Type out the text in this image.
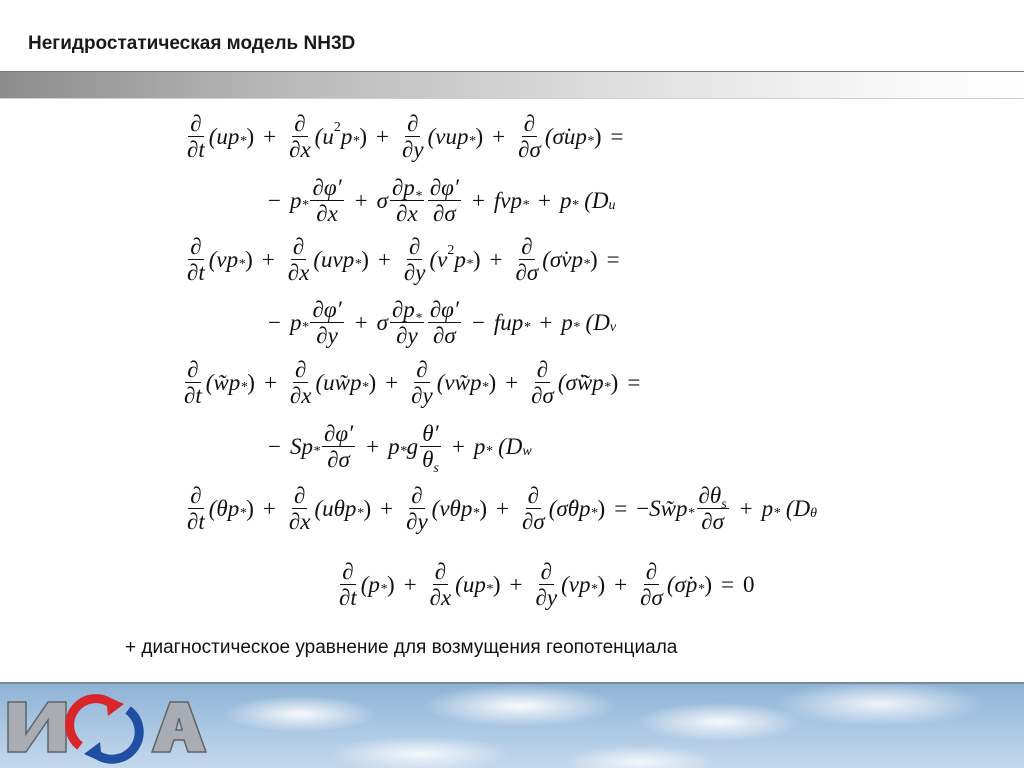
Негидростатическая модель NH3D
$\frac{\partial}{\partial t} (up$ * ) + $\frac{\partial}{\partial x} (u$ 2 p * ) + $\frac{\partial}{\partial y} (vup$ * ) + $\frac{\partial}{\partial\sigma}$ (σ̇up * ) =
− $p * \frac{\partial\varphi'}{\partial x} + \sigma \frac{\partial p_*}{\partial x} \frac{\partial\varphi'}{\partial\sigma}$ + fvp * + p *
(D u
$\frac{\partial}{\partial t} (vp$ * ) + $\frac{\partial}{\partial x} (uvp$ * ) + $\frac{\partial}{\partial y} (v$ 2 p * ) + $\frac{\partial}{\partial\sigma}$ (σ̇vp * ) =
− $p * \frac{\partial\varphi'}{\partial y} + \sigma \frac{\partial p_*}{\partial y} \frac{\partial\varphi'}{\partial\sigma}$ − fup * + p *
(D v
$\frac{\partial}{\partial t}$ (w̃p * ) + $\frac{\partial}{\partial x}$ (uw̃p * ) + $\frac{\partial}{\partial y}$ (vw̃p * ) + $\frac{\partial}{\partial\sigma}$ (σ̇w̃p * ) =
− $Sp * \frac{\partial\varphi'}{\partial\sigma} + p * g \frac{\theta'}{\theta_s} + p$ *
(D w
$\frac{\partial}{\partial t} (\theta p$ * ) + $\frac{\partial}{\partial x} (u\theta p$ * ) + $\frac{\partial}{\partial y} (v\theta p$ * ) + $\frac{\partial}{\partial\sigma}$ (σ̇θp * ) = − Sw̃p * $\frac{\partial\theta_s}{\partial\sigma} + p$ *
(D θ
$\frac{\partial}{\partial t} (p$ * ) + $\frac{\partial}{\partial x} (up$ * ) + $\frac{\partial}{\partial y} (vp$ * ) + $\frac{\partial}{\partial\sigma}$ (σ̇p * ) = 0
+ диагностическое уравнение для возмущения геопотенциала
